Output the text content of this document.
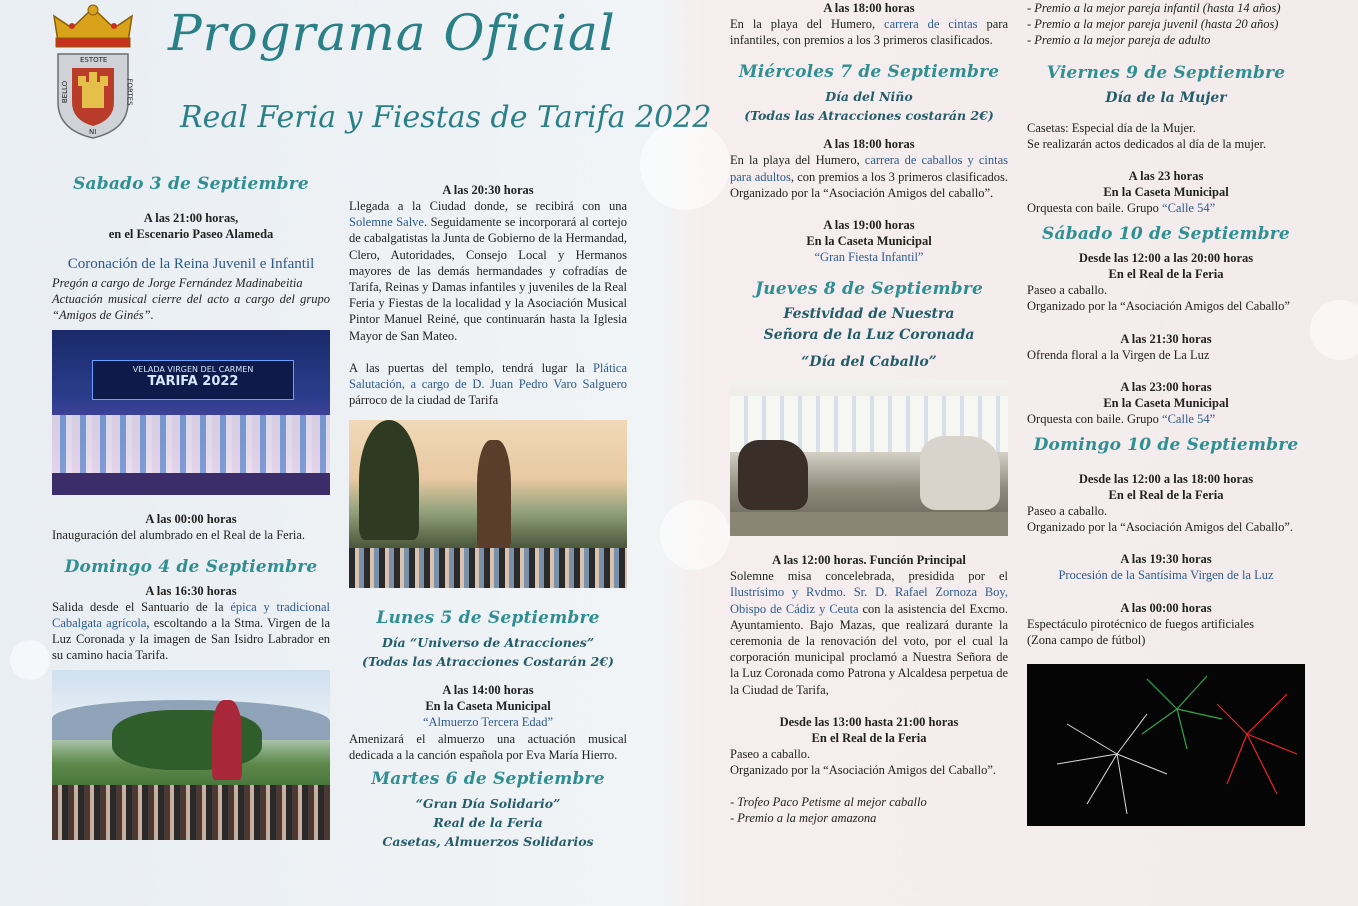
ESTOTE
BELLO	FORTES
NI
Programa Oficial
Real Feria y Fiestas de Tarifa 2022
Sabado 3 de Septiembre

A las 21:00 horas,

en el Escenario Paseo Alameda

Coronación de la Reina Juvenil e Infantil

Pregón a cargo de Jorge Fernández Madinabeitia

Actuación musical cierre del acto a cargo del grupo “Amigos de Ginés”.

VELADA VIRGEN DEL CARMEN
TARIFA 2022

A las 00:00 horas

Inauguración del alumbrado en el Real de la Feria.

Domingo 4 de Septiembre

A las 16:30 horas

Salida desde el Santuario de la épica y tradicional Cabalgata agrícola, escoltando a la Stma. Virgen de la Luz Coronada y la imagen de San Isidro Labrador en su camino hacia Tarifa.

A las 20:30 horas

Llegada a la Ciudad donde, se recibirá con una Solemne Salve. Seguidamente se incorporará al cortejo de cabalgatistas la Junta de Gobierno de la Hermandad, Clero, Autoridades, Consejo Local y Hermanos mayores de las demás hermandades y cofradías de Tarifa, Reinas y Damas infantiles y juveniles de la Real Feria y Fiestas de la localidad y la Asociación Musical Pintor Manuel Reiné, que continuarán hasta la Iglesia Mayor de San Mateo.

A las puertas del templo, tendrá lugar la Plática Salutación, a cargo de D. Juan Pedro Varo Salguero párroco de la ciudad de Tarifa

Lunes 5 de Septiembre
Día “Universo de Atracciones”
(Todas las Atracciones Costarán 2€)

A las 14:00 horas

En la Caseta Municipal

“Almuerzo Tercera Edad”

Amenizará el almuerzo una actuación musical dedicada a la canción española por Eva María Hierro.

Martes 6 de Septiembre
“Gran Día Solidario”
Real de la Feria
Casetas, Almuerzos Solidarios

A las 18:00 horas

En la playa del Humero, carrera de cintas para infantiles, con premios a los 3 primeros clasificados.

Miércoles 7 de Septiembre
Día del Niño
(Todas las Atracciones costarán 2€)

A las 18:00 horas

En la playa del Humero, carrera de caballos y cintas para adultos, con premios a los 3 primeros clasificados. Organizado por la “Asociación Amigos del caballo”.

A las 19:00 horas

En la Caseta Municipal

“Gran Fiesta Infantil”

Jueves 8 de Septiembre
Festividad de Nuestra
Señora de la Luz Coronada
“Día del Caballo”

A las 12:00 horas. Función Principal

Solemne misa concelebrada, presidida por el Ilustrísimo y Rvdmo. Sr. D. Rafael Zornoza Boy, Obispo de Cádiz y Ceuta con la asistencia del Excmo. Ayuntamiento. Bajo Mazas, que realizará durante la ceremonia de la renovación del voto, por el cual la corporación municipal proclamó a Nuestra Señora de la Luz Coronada como Patrona y Alcaldesa perpetua de la Ciudad de Tarifa,

Desde las 13:00 hasta 21:00 horas

En el Real de la Feria

Paseo a caballo.

Organizado por la “Asociación Amigos del Caballo”.

- Trofeo Paco Petisme al mejor caballo

- Premio a la mejor amazona

- Premio a la mejor pareja infantil (hasta 14 años)

- Premio a la mejor pareja juvenil (hasta 20 años)

- Premio a la mejor pareja de adulto

Viernes 9 de Septiembre
Día de la Mujer

Casetas: Especial día de la Mujer.

Se realizarán actos dedicados al día de la mujer.

A las 23 horas

En la Caseta Municipal

Orquesta con baile. Grupo “Calle 54”

Sábado 10 de Septiembre

Desde las 12:00 a las 20:00 horas

En el Real de la Feria

Paseo a caballo.

Organizado por la “Asociación Amigos del Caballo”

A las 21:30 horas

Ofrenda floral a la Virgen de La Luz

A las 23:00 horas

En la Caseta Municipal

Orquesta con baile. Grupo “Calle 54”

Domingo 10 de Septiembre

Desde las 12:00 a las 18:00 horas

En el Real de la Feria

Paseo a caballo.

Organizado por la “Asociación Amigos del Caballo”.

A las 19:30 horas

Procesión de la Santísima Virgen de la Luz

A las 00:00 horas

Espectáculo pirotécnico de fuegos artificiales

(Zona campo de fútbol)
